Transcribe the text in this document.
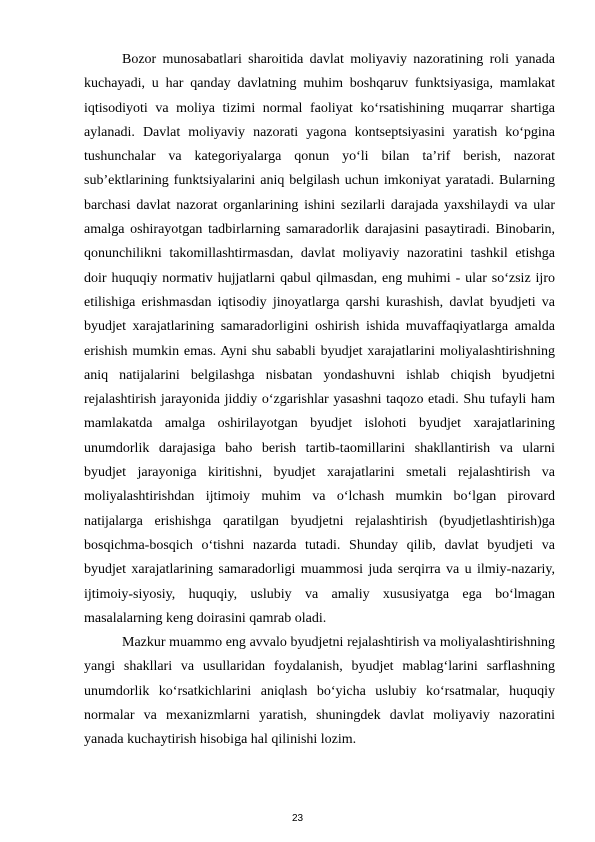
Bozor munosabatlari sharoitida davlat moliyaviy nazoratining roli yanada kuchayadi, u har qanday davlatning muhim boshqaruv funktsiyasiga, mamlakat iqtisodiyoti va moliya tizimi normal faoliyat ko‘rsatishining muqarrar shartiga aylanadi. Davlat moliyaviy nazorati yagona kontseptsiyasini yaratish ko‘pgina tushunchalar va kategoriyalarga qonun yo‘li bilan ta’rif berish, nazorat sub’ektlarining funktsiyalarini aniq belgilash uchun imkoniyat yaratadi. Bularning barchasi davlat nazorat organlarining ishini sezilarli darajada yaxshilaydi va ular amalga oshirayotgan tadbirlarning samaradorlik darajasini pasaytiradi. Binobarin, qonunchilikni takomillashtirmasdan, davlat moliyaviy nazoratini tashkil etishga doir huquqiy normativ hujjatlarni qabul qilmasdan, eng muhimi - ular so‘zsiz ijro etilishiga erishmasdan iqtisodiy jinoyatlarga qarshi kurashish, davlat byudjeti va byudjet xarajatlarining samaradorligini oshirish ishida muvaffaqiyatlarga amalda erishish mumkin emas. Ayni shu sababli byudjet xarajatlarini moliyalashtirishning aniq natijalarini belgilashga nisbatan yondashuvni ishlab chiqish byudjetni rejalashtirish jarayonida jiddiy o‘zgarishlar yasashni taqozo etadi. Shu tufayli ham mamlakatda amalga oshirilayotgan byudjet islohoti byudjet xarajatlarining unumdorlik darajasiga baho berish tartib-taomillarini shakllantirish va ularni byudjet jarayoniga kiritishni, byudjet xarajatlarini smetali rejalashtirish va moliyalashtirishdan ijtimoiy muhim va o‘lchash mumkin bo‘lgan pirovard natijalarga erishishga qaratilgan byudjetni rejalashtirish (byudjetlashtirish)ga bosqichma-bosqich o‘tishni nazarda tutadi. Shunday qilib, davlat byudjeti va byudjet xarajatlarining samaradorligi muammosi juda serqirra va u ilmiy-nazariy, ijtimoiy-siyosiy, huquqiy, uslubiy va amaliy xususiyatga ega bo‘lmagan masalalarning keng doirasini qamrab oladi.

Mazkur muammo eng avvalo byudjetni rejalashtirish va moliyalashtirishning yangi shakllari va usullaridan foydalanish, byudjet mablag‘larini sarflashning unumdorlik ko‘rsatkichlarini aniqlash bo‘yicha uslubiy ko‘rsatmalar, huquqiy normalar va mexanizmlarni yaratish, shuningdek davlat moliyaviy nazoratini yanada kuchaytirish hisobiga hal qilinishi lozim.

23
